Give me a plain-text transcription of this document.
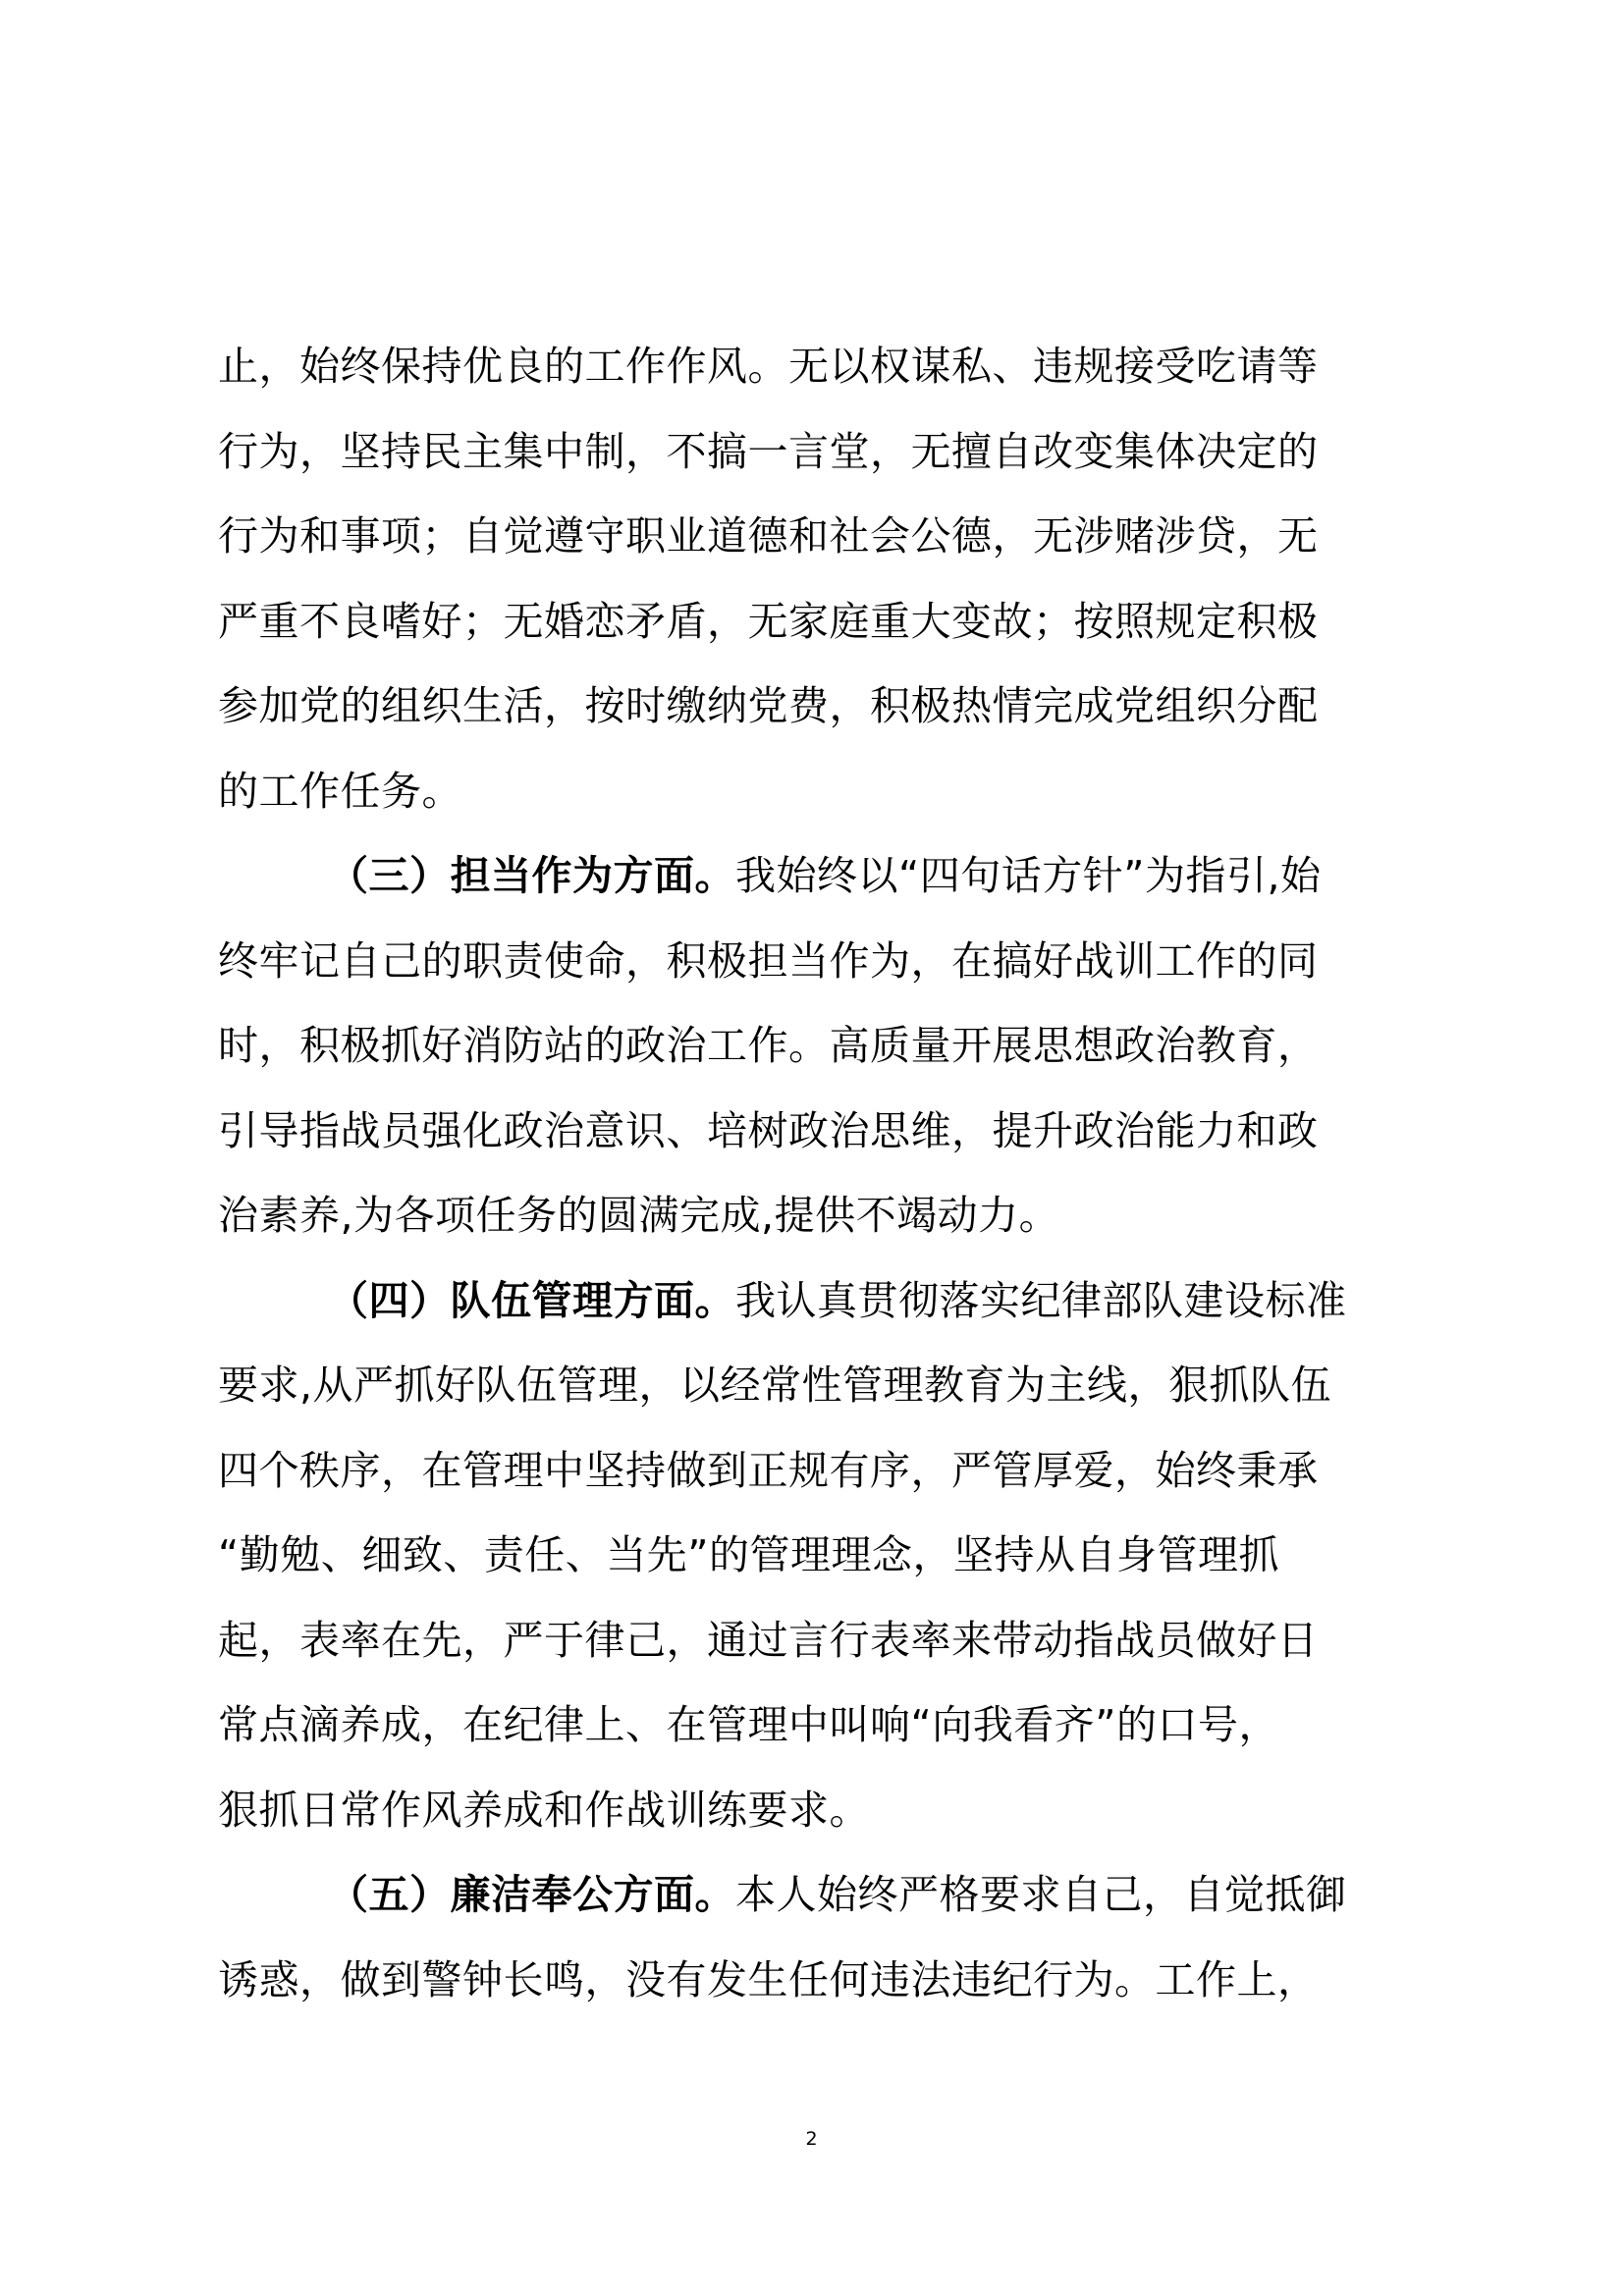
止，始终保持优良的工作作风。无以权谋私、违规接受吃请等
行为，坚持民主集中制，不搞一言堂，无擅自改变集体决定的
行为和事项；自觉遵守职业道德和社会公德，无涉赌涉贷，无
严重不良嗜好；无婚恋矛盾，无家庭重大变故；按照规定积极
参加党的组织生活，按时缴纳党费，积极热情完成党组织分配
的工作任务。
（三）担当作为方面。我始终以“四句话方针”为指引,始
终牢记自己的职责使命，积极担当作为，在搞好战训工作的同
时，积极抓好消防站的政治工作。高质量开展思想政治教育，
引导指战员强化政治意识、培树政治思维，提升政治能力和政
治素养,为各项任务的圆满完成,提供不竭动力。
（四）队伍管理方面。我认真贯彻落实纪律部队建设标准
要求,从严抓好队伍管理，以经常性管理教育为主线，狠抓队伍
四个秩序，在管理中坚持做到正规有序，严管厚爱，始终秉承
“勤勉、细致、责任、当先”的管理理念，坚持从自身管理抓
起，表率在先，严于律己，通过言行表率来带动指战员做好日
常点滴养成，在纪律上、在管理中叫响“向我看齐”的口号，
狠抓日常作风养成和作战训练要求。
（五）廉洁奉公方面。本人始终严格要求自己，自觉抵御
诱惑，做到警钟长鸣，没有发生任何违法违纪行为。工作上，
2
